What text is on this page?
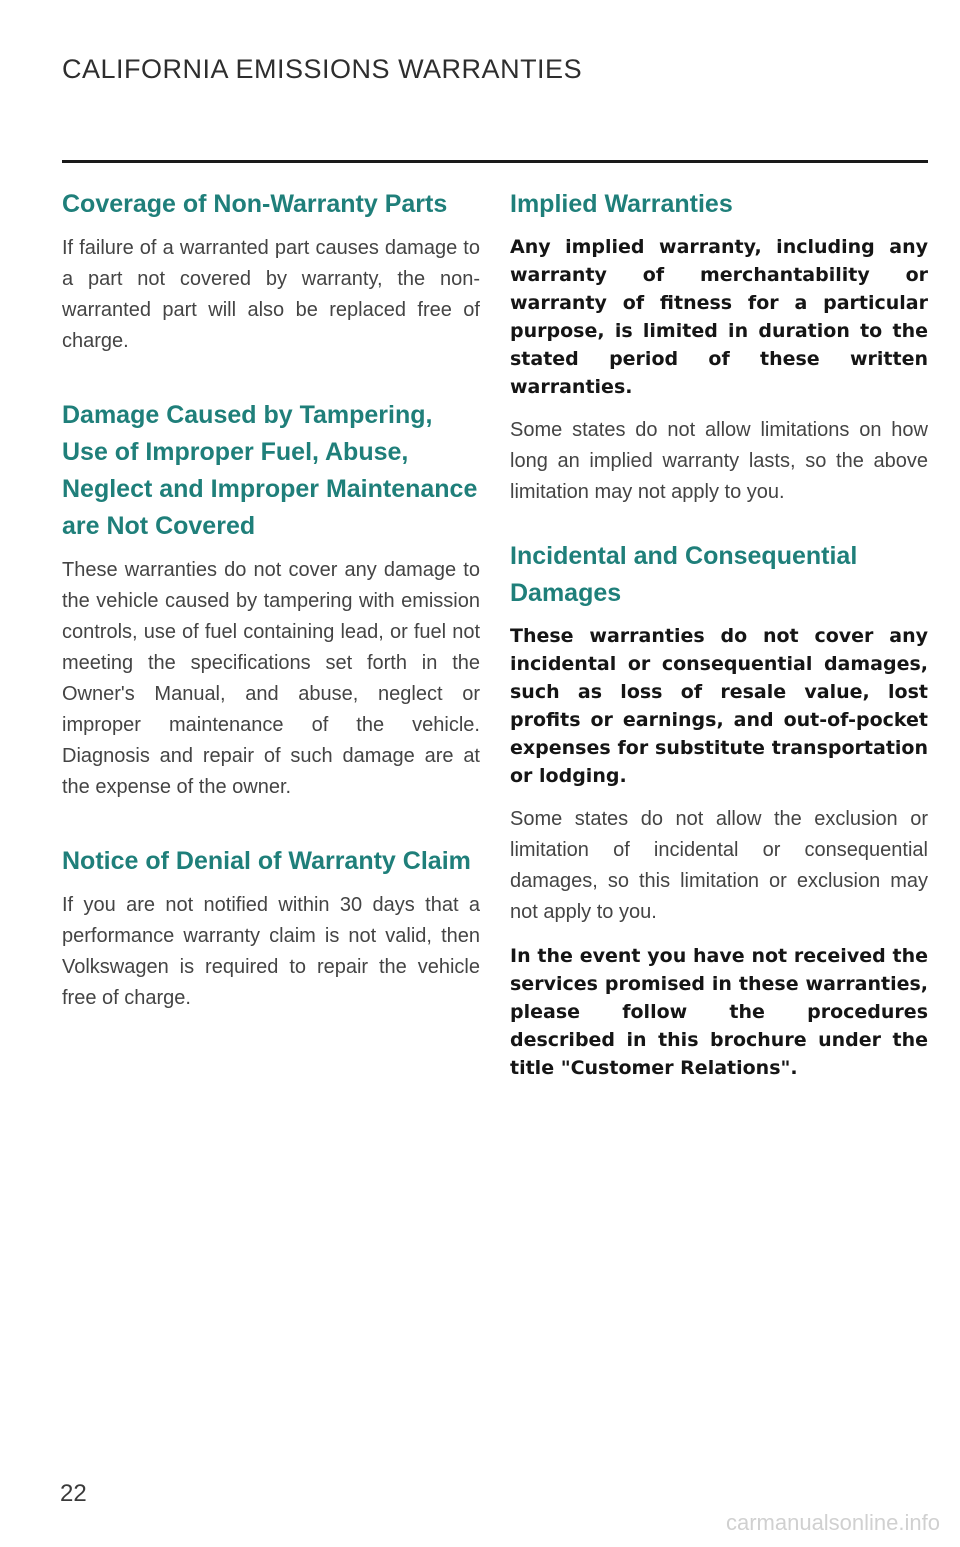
CALIFORNIA EMISSIONS WARRANTIES
Coverage of Non-Warranty Parts

If failure of a warranted part causes damage to a part not covered by warranty, the non-warranted part will also be replaced free of charge.

Damage Caused by Tampering, Use of Improper Fuel, Abuse, Neglect and Improper Maintenance are Not Covered

These warranties do not cover any damage to the vehicle caused by tampering with emission controls, use of fuel containing lead, or fuel not meeting the specifications set forth in the Owner's Manual, and abuse, neglect or improper maintenance of the vehicle. Diagnosis and repair of such damage are at the expense of the owner.

Notice of Denial of Warranty Claim

If you are not notified within 30 days that a performance warranty claim is not valid, then Volkswagen is required to repair the vehicle free of charge.

Implied Warranties

Any implied warranty, including any warranty of merchantability or warranty of fitness for a particular purpose, is limited in duration to the stated period of these written warranties.

Some states do not allow limitations on how long an implied warranty lasts, so the above limitation may not apply to you.

Incidental and Consequential Damages

These warranties do not cover any incidental or consequential damages, such as loss of resale value, lost profits or earnings, and out-of-pocket expenses for substitute transportation or lodging.

Some states do not allow the exclusion or limitation of incidental or consequential damages, so this limitation or exclusion may not apply to you.

In the event you have not received the services promised in these warranties, please follow the procedures described in this brochure under the title "Customer Relations".

22
carmanualsonline.info
